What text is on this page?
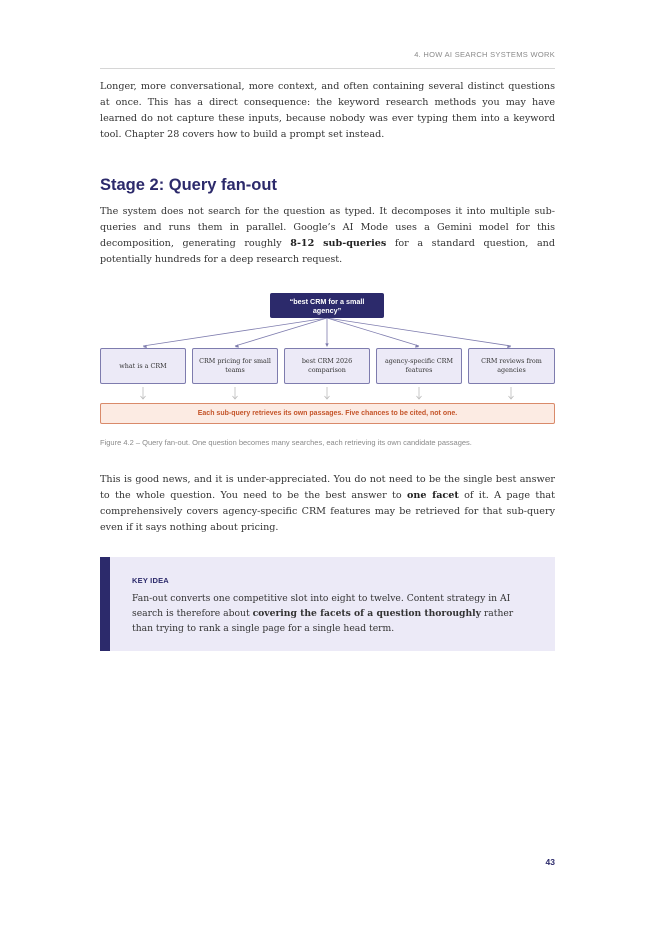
4. HOW AI SEARCH SYSTEMS WORK

Longer, more conversational, more context, and often containing several distinct questions at once. This has a direct consequence: the keyword research methods you may have learned do not capture these inputs, because nobody was ever typing them into a keyword tool. Chapter 28 covers how to build a prompt set instead.

Stage 2: Query fan-out

The system does not search for the question as typed. It decomposes it into multiple sub-queries and runs them in parallel. Google’s AI Mode uses a Gemini model for this decomposition, generating roughly 8-12 sub-queries for a standard question, and potentially hundreds for a deep research request.

“best CRM for a small agency”
what is a CRM
CRM pricing for small teams
best CRM 2026 comparison
agency-specific CRM features
CRM reviews from agencies
Each sub-query retrieves its own passages. Five chances to be cited, not one.

Figure 4.2 – Query fan-out. One question becomes many searches, each retrieving its own candidate passages.

This is good news, and it is under-appreciated. You do not need to be the single best answer to the whole question. You need to be the best answer to one facet of it. A page that comprehensively covers agency-specific CRM features may be retrieved for that sub-query even if it says nothing about pricing.

KEY IDEA

Fan-out converts one competitive slot into eight to twelve. Content strategy in AI search is therefore about covering the facets of a question thoroughly rather than trying to rank a single page for a single head term.

43
